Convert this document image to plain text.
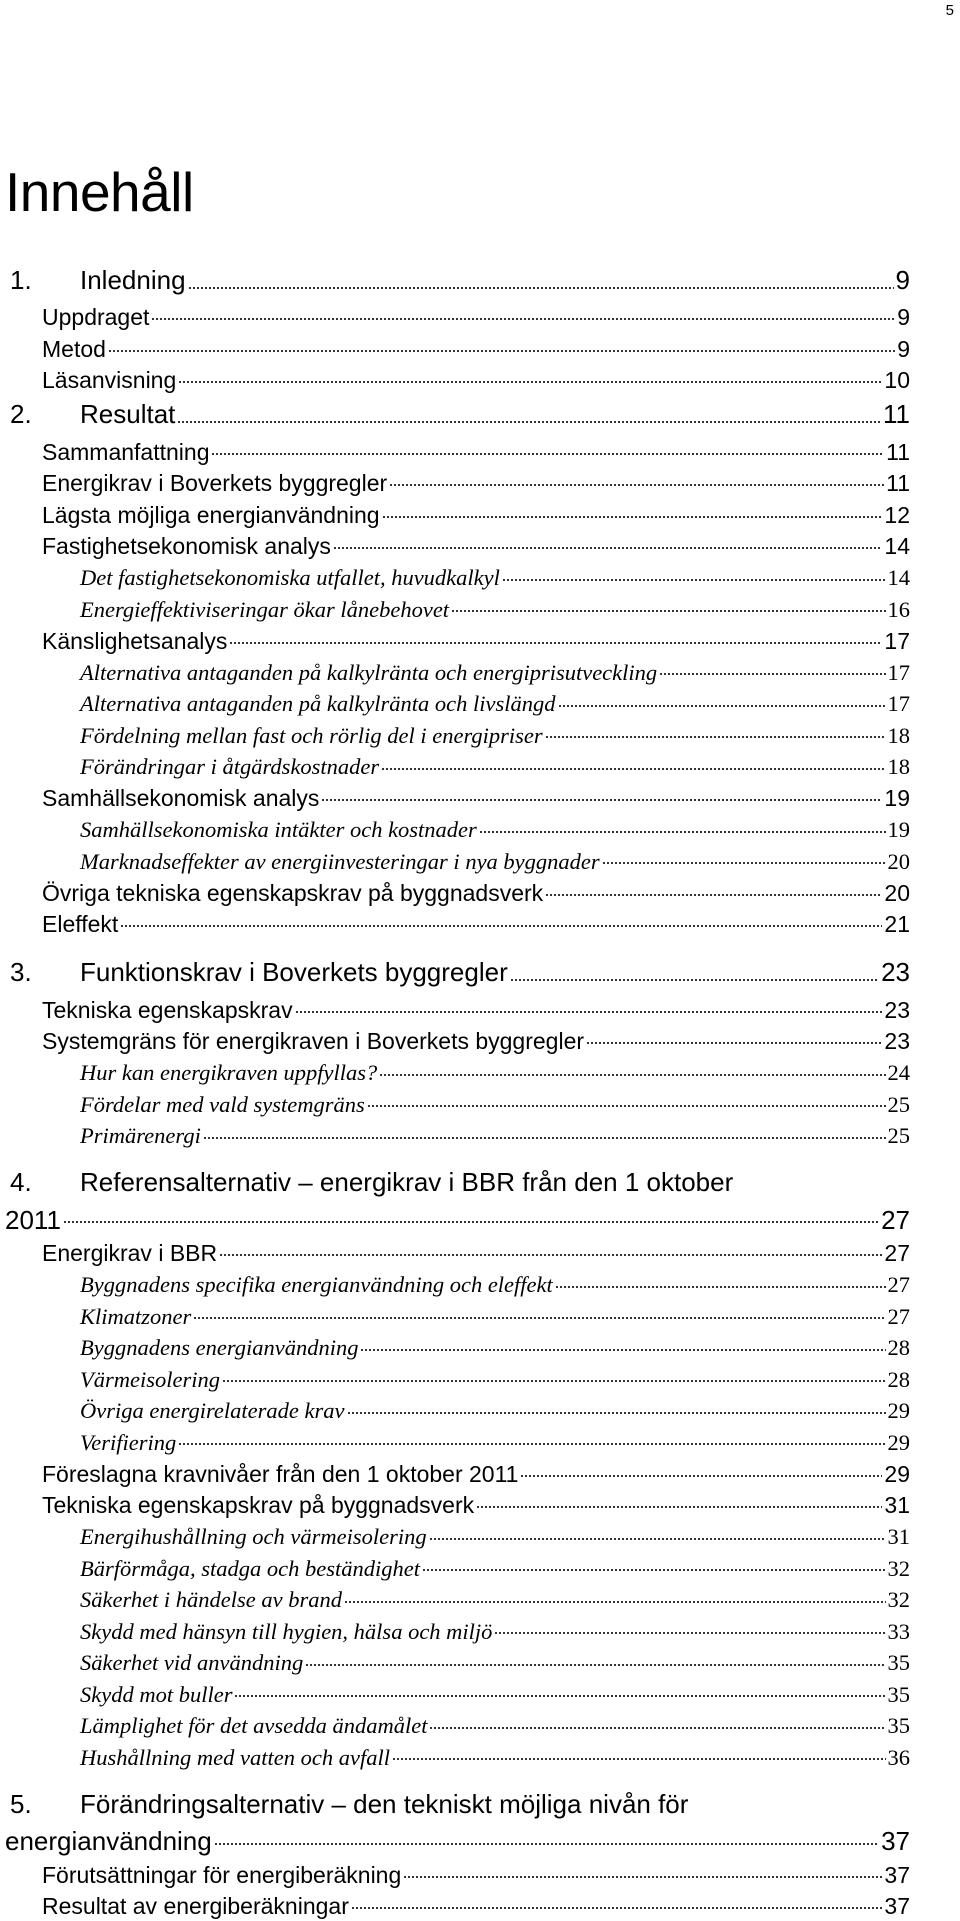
5
Innehåll
1. Inledning	9
Uppdraget	9
Metod	9
Läsanvisning	10
2. Resultat	11
Sammanfattning	11
Energikrav i Boverkets byggregler	11
Lägsta möjliga energianvändning	12
Fastighetsekonomisk analys	14
Det fastighetsekonomiska utfallet, huvudkalkyl	14
Energieffektiviseringar ökar lånebehovet	16
Känslighetsanalys	17
Alternativa antaganden på kalkylränta och energiprisutveckling	17
Alternativa antaganden på kalkylränta och livslängd	17
Fördelning mellan fast och rörlig del i energipriser	18
Förändringar i åtgärdskostnader	18
Samhällsekonomisk analys	19
Samhällsekonomiska intäkter och kostnader	19
Marknadseffekter av energiinvesteringar i nya byggnader	20
Övriga tekniska egenskapskrav på byggnadsverk	20
Eleffekt	21
3. Funktionskrav i Boverkets byggregler	23
Tekniska egenskapskrav	23
Systemgräns för energikraven i Boverkets byggregler	23
Hur kan energikraven uppfyllas?	24
Fördelar med vald systemgräns	25
Primärenergi	25
4. Referensalternativ – energikrav i BBR från den 1 oktober
2011	27
Energikrav i BBR	27
Byggnadens specifika energianvändning och eleffekt	27
Klimatzoner	27
Byggnadens energianvändning	28
Värmeisolering	28
Övriga energirelaterade krav	29
Verifiering	29
Föreslagna kravnivåer från den 1 oktober 2011	29
Tekniska egenskapskrav på byggnadsverk	31
Energihushållning och värmeisolering	31
Bärförmåga, stadga och beständighet	32
Säkerhet i händelse av brand	32
Skydd med hänsyn till hygien, hälsa och miljö	33
Säkerhet vid användning	35
Skydd mot buller	35
Lämplighet för det avsedda ändamålet	35
Hushållning med vatten och avfall	36
5. Förändringsalternativ – den tekniskt möjliga nivån för
energianvändning	37
Förutsättningar för energiberäkning	37
Resultat av energiberäkningar	37
